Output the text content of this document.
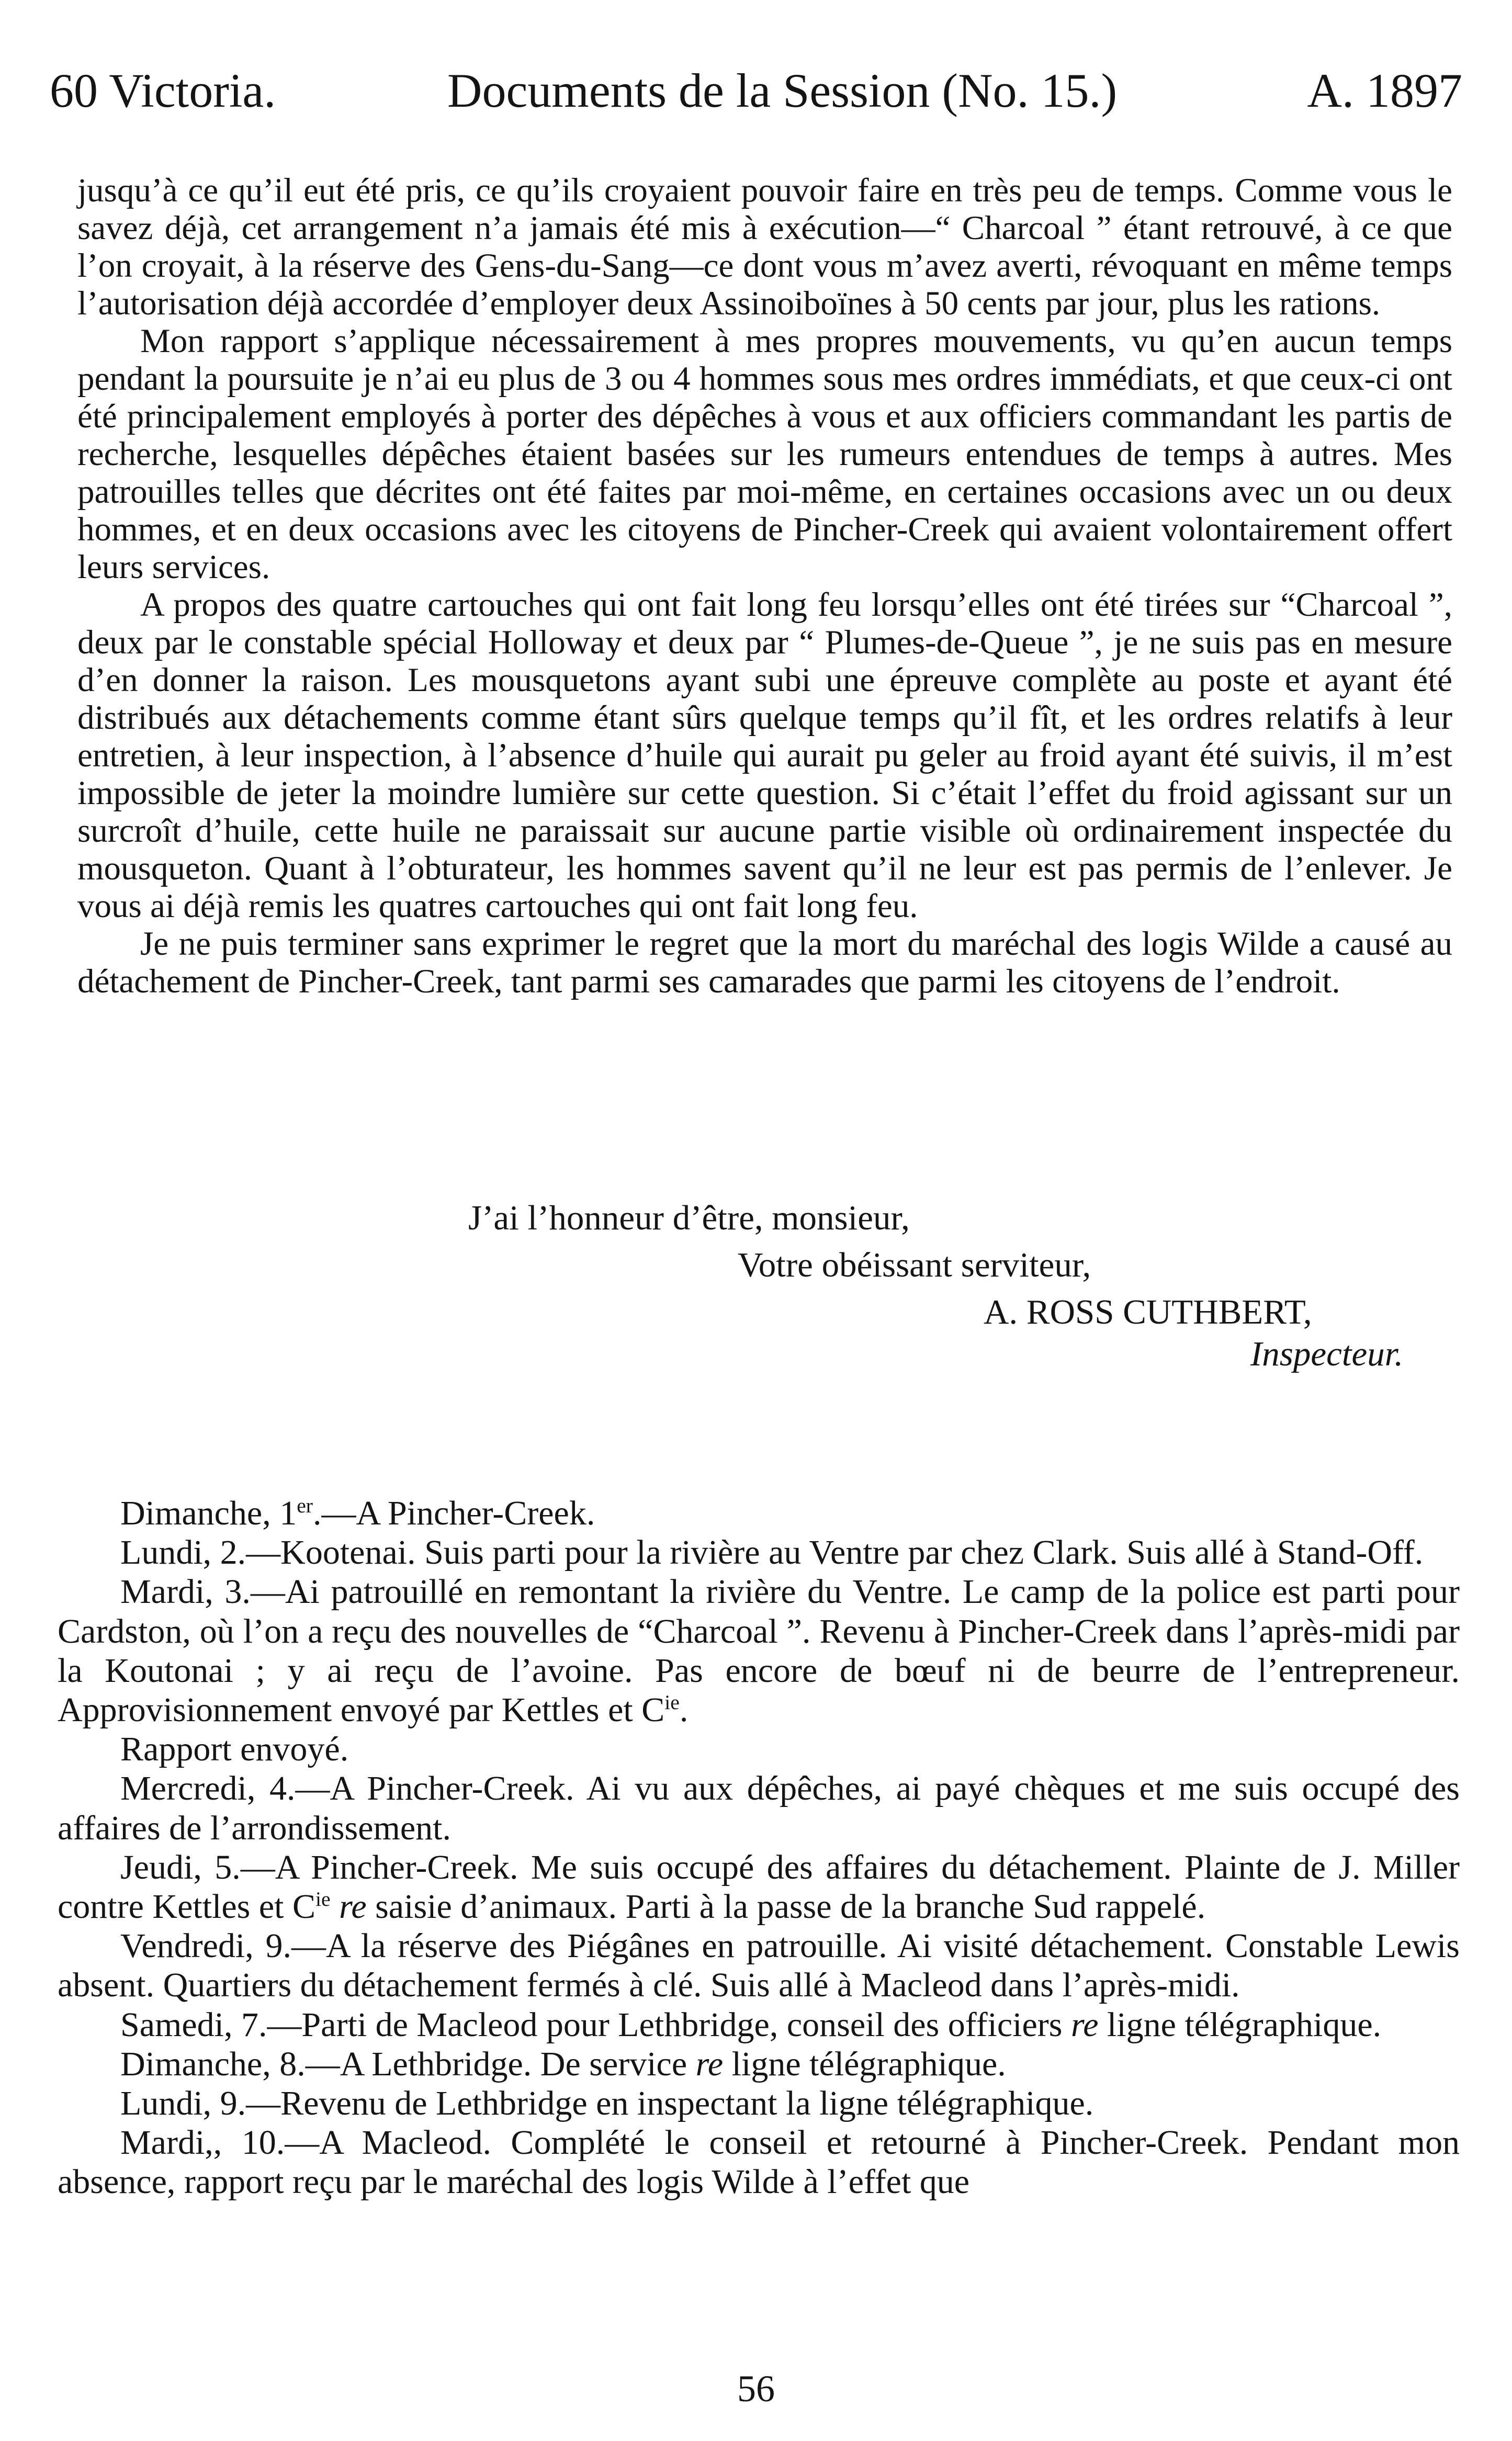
60 Victoria.	Documents de la Session (No. 15.)	A. 1897

jusqu’à ce qu’il eut été pris, ce qu’ils croyaient pouvoir faire en très peu de temps. Comme vous le savez déjà, cet arrangement n’a jamais été mis à exécution—“ Charcoal ” étant retrouvé, à ce que l’on croyait, à la réserve des Gens-du-Sang—ce dont vous m’avez averti, révoquant en même temps l’autorisation déjà accordée d’employer deux Assinoiboïnes à 50 cents par jour, plus les rations.

Mon rapport s’applique nécessairement à mes propres mouvements, vu qu’en aucun temps pendant la poursuite je n’ai eu plus de 3 ou 4 hommes sous mes ordres immédiats, et que ceux-ci ont été principalement employés à porter des dépêches à vous et aux officiers commandant les partis de recherche, lesquelles dépêches étaient basées sur les rumeurs entendues de temps à autres. Mes patrouilles telles que décrites ont été faites par moi-même, en certaines occasions avec un ou deux hommes, et en deux occasions avec les citoyens de Pincher-Creek qui avaient volontairement offert leurs services.

A propos des quatre cartouches qui ont fait long feu lorsqu’elles ont été tirées sur “Charcoal ”, deux par le constable spécial Holloway et deux par “ Plumes-de-Queue ”, je ne suis pas en mesure d’en donner la raison. Les mousquetons ayant subi une épreuve complète au poste et ayant été distribués aux détachements comme étant sûrs quelque temps qu’il fît, et les ordres relatifs à leur entretien, à leur inspection, à l’absence d’huile qui aurait pu geler au froid ayant été suivis, il m’est impossible de jeter la moindre lumière sur cette question. Si c’était l’effet du froid agissant sur un surcroît d’huile, cette huile ne paraissait sur aucune partie visible où ordinairement inspectée du mousqueton. Quant à l’obturateur, les hommes savent qu’il ne leur est pas permis de l’enlever. Je vous ai déjà remis les quatres cartouches qui ont fait long feu.

Je ne puis terminer sans exprimer le regret que la mort du maréchal des logis Wilde a causé au détachement de Pincher-Creek, tant parmi ses camarades que parmi les citoyens de l’endroit.

J’ai l’honneur d’être, monsieur,
Votre obéissant serviteur,
A. ROSS CUTHBERT,
Inspecteur.

Dimanche, 1er.—A Pincher-Creek.

Lundi, 2.—Kootenai. Suis parti pour la rivière au Ventre par chez Clark. Suis allé à Stand-Off.

Mardi, 3.—Ai patrouillé en remontant la rivière du Ventre. Le camp de la police est parti pour Cardston, où l’on a reçu des nouvelles de “Charcoal ”. Revenu à Pincher-Creek dans l’après-midi par la Koutonai ; y ai reçu de l’avoine. Pas encore de bœuf ni de beurre de l’entrepreneur. Approvisionnement envoyé par Kettles et $C^{ie}$.

Rapport envoyé.

Mercredi, 4.—A Pincher-Creek. Ai vu aux dépêches, ai payé chèques et me suis occupé des affaires de l’arrondissement.

Jeudi, 5.—A Pincher-Creek. Me suis occupé des affaires du détachement. Plainte de J. Miller contre Kettles et $C^{ie}$ re saisie d’animaux. Parti à la passe de la branche Sud rappelé.

Vendredi, 9.—A la réserve des Piégânes en patrouille. Ai visité détachement. Constable Lewis absent. Quartiers du détachement fermés à clé. Suis allé à Macleod dans l’après-midi.

Samedi, 7.—Parti de Macleod pour Lethbridge, conseil des officiers re ligne télégraphique.

Dimanche, 8.—A Lethbridge. De service re ligne télégraphique.

Lundi, 9.—Revenu de Lethbridge en inspectant la ligne télégraphique.

Mardi,, 10.—A Macleod. Complété le conseil et retourné à Pincher-Creek. Pendant mon absence, rapport reçu par le maréchal des logis Wilde à l’effet que

56
